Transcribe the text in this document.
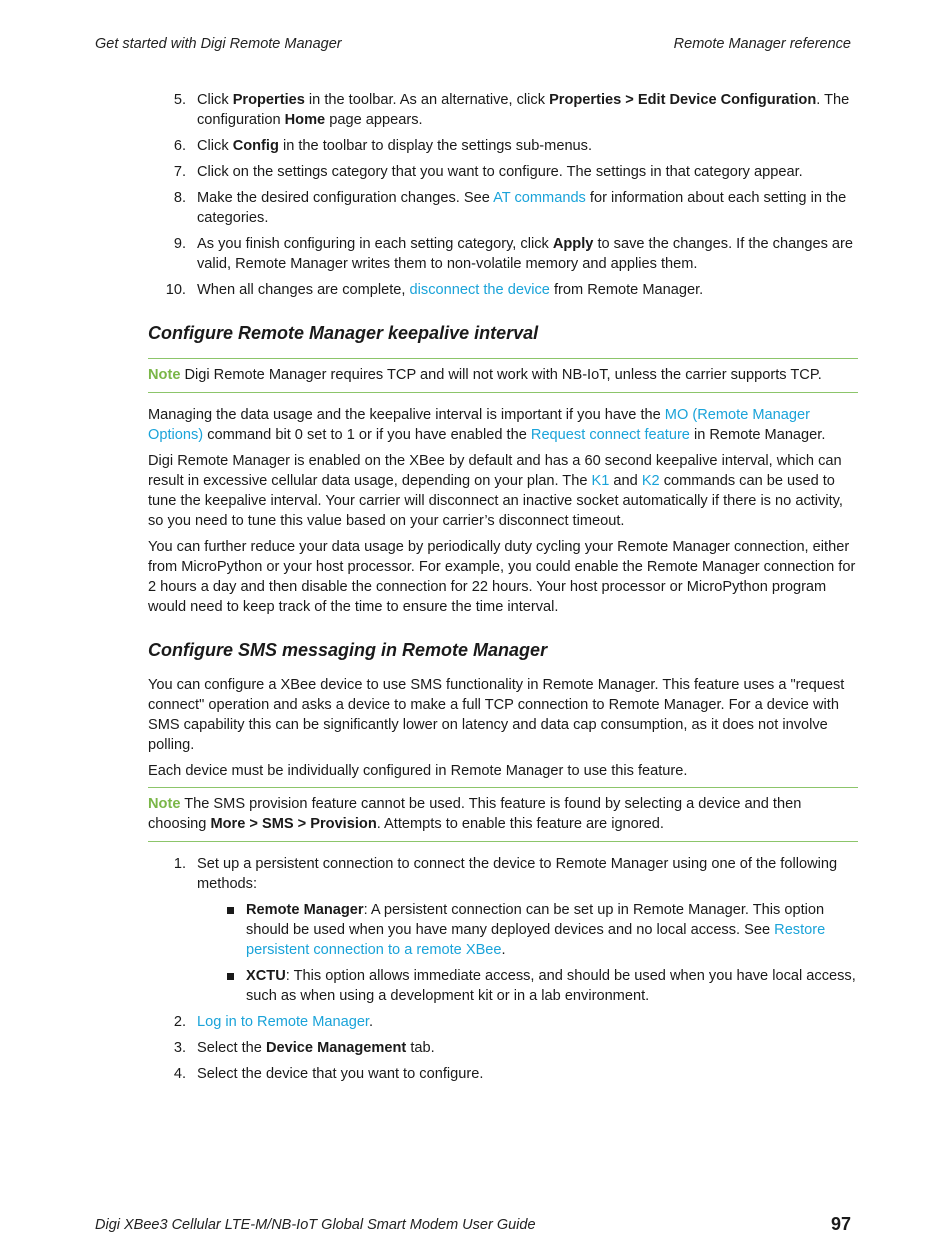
Get started with Digi Remote Manager	Remote Manager reference
5. Click Properties in the toolbar. As an alternative, click Properties > Edit Device Configuration. The configuration Home page appears.
6. Click Config in the toolbar to display the settings sub-menus.
7. Click on the settings category that you want to configure. The settings in that category appear.
8. Make the desired configuration changes. See AT commands for information about each setting in the categories.
9. As you finish configuring in each setting category, click Apply to save the changes. If the changes are valid, Remote Manager writes them to non-volatile memory and applies them.
10. When all changes are complete, disconnect the device from Remote Manager.
Configure Remote Manager keepalive interval
Note Digi Remote Manager requires TCP and will not work with NB-IoT, unless the carrier supports TCP.

Managing the data usage and the keepalive interval is important if you have the MO (Remote Manager Options) command bit 0 set to 1 or if you have enabled the Request connect feature in Remote Manager.

Digi Remote Manager is enabled on the XBee by default and has a 60 second keepalive interval, which can result in excessive cellular data usage, depending on your plan. The K1 and K2 commands can be used to tune the keepalive interval. Your carrier will disconnect an inactive socket automatically if there is no activity, so you need to tune this value based on your carrier’s disconnect timeout.

You can further reduce your data usage by periodically duty cycling your Remote Manager connection, either from MicroPython or your host processor. For example, you could enable the Remote Manager connection for 2 hours a day and then disable the connection for 22 hours. Your host processor or MicroPython program would need to keep track of the time to ensure the time interval.

Configure SMS messaging in Remote Manager

You can configure a XBee device to use SMS functionality in Remote Manager. This feature uses a "request connect" operation and asks a device to make a full TCP connection to Remote Manager. For a device with SMS capability this can be significantly lower on latency and data cap consumption, as it does not involve polling.

Each device must be individually configured in Remote Manager to use this feature.

Note The SMS provision feature cannot be used. This feature is found by selecting a device and then choosing More > SMS > Provision. Attempts to enable this feature are ignored.
1. Set up a persistent connection to connect the device to Remote Manager using one of the following methods:
Remote Manager: A persistent connection can be set up in Remote Manager. This option should be used when you have many deployed devices and no local access. See Restore persistent connection to a remote XBee.
XCTU: This option allows immediate access, and should be used when you have local access, such as when using a development kit or in a lab environment.
2. Log in to Remote Manager.
3. Select the Device Management tab.
4. Select the device that you want to configure.
Digi XBee3 Cellular LTE-M/NB-IoT Global Smart Modem User Guide	97
